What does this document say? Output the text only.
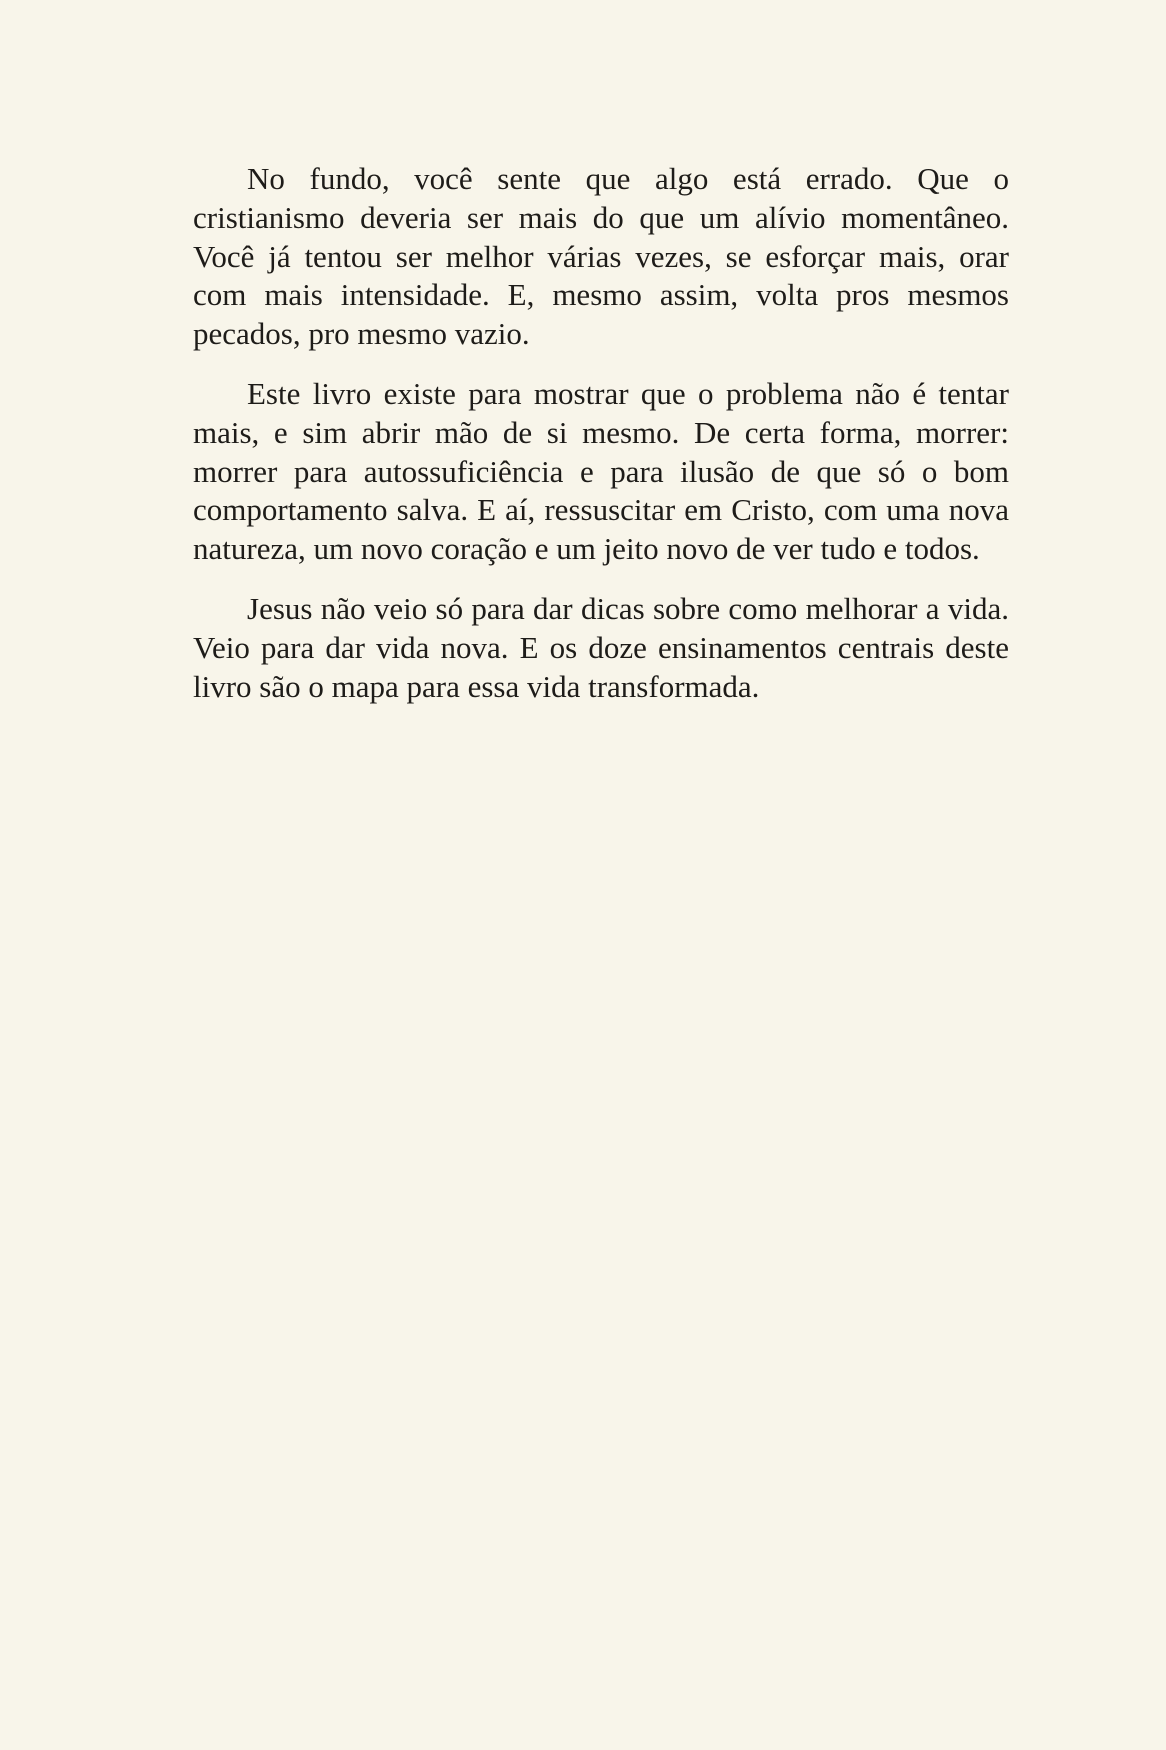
No fundo, você sente que algo está errado. Que o cristianismo deveria ser mais do que um alívio momentâneo. Você já tentou ser melhor várias vezes, se esforçar mais, orar com mais intensidade. E, mesmo assim, volta pros mesmos pecados, pro mesmo vazio.

Este livro existe para mostrar que o problema não é tentar mais, e sim abrir mão de si mesmo. De certa forma, morrer: morrer para autossuficiência e para ilusão de que só o bom comportamento salva. E aí, ressuscitar em Cristo, com uma nova natureza, um novo coração e um jeito novo de ver tudo e todos.

Jesus não veio só para dar dicas sobre como melhorar a vida. Veio para dar vida nova. E os doze ensinamentos centrais deste livro são o mapa para essa vida transformada.
